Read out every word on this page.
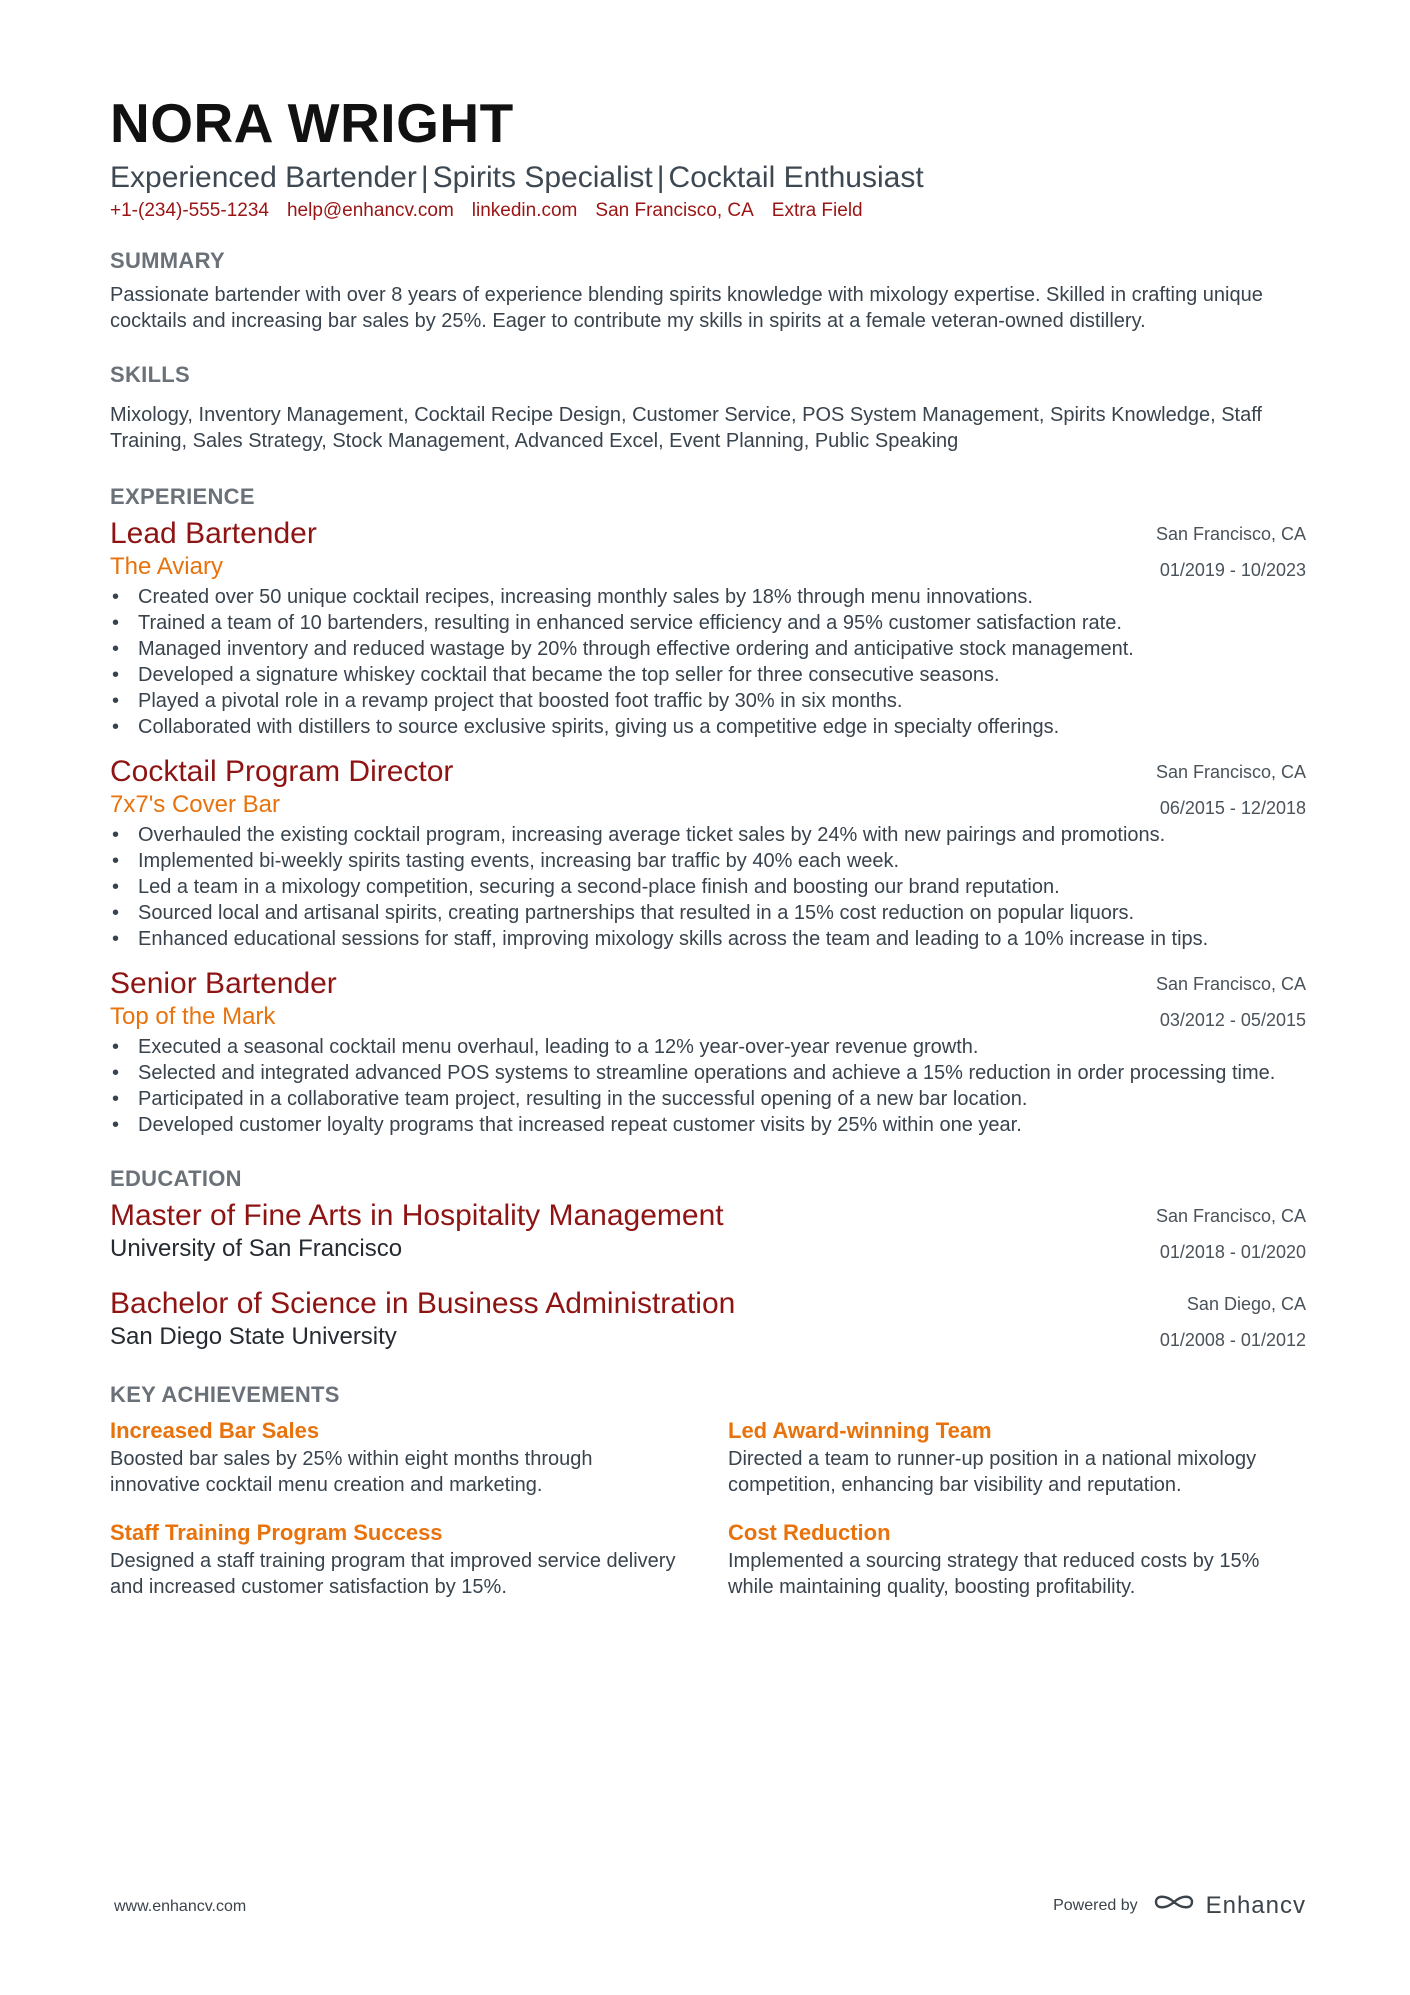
NORA WRIGHT
Experienced Bartender | Spirits Specialist | Cocktail Enthusiast
+1-(234)-555-1234 help@enhancv.com linkedin.com San Francisco, CA Extra Field
SUMMARY
Passionate bartender with over 8 years of experience blending spirits knowledge with mixology expertise. Skilled in crafting unique cocktails and increasing bar sales by 25%. Eager to contribute my skills in spirits at a female veteran-owned distillery.
SKILLS
Mixology, Inventory Management, Cocktail Recipe Design, Customer Service, POS System Management, Spirits Knowledge, Staff Training, Sales Strategy, Stock Management, Advanced Excel, Event Planning, Public Speaking
EXPERIENCE
Lead Bartender
The Aviary
San Francisco, CA
01/2019 - 10/2023
• Created over 50 unique cocktail recipes, increasing monthly sales by 18% through menu innovations.
• Trained a team of 10 bartenders, resulting in enhanced service efficiency and a 95% customer satisfaction rate.
• Managed inventory and reduced wastage by 20% through effective ordering and anticipative stock management.
• Developed a signature whiskey cocktail that became the top seller for three consecutive seasons.
• Played a pivotal role in a revamp project that boosted foot traffic by 30% in six months.
• Collaborated with distillers to source exclusive spirits, giving us a competitive edge in specialty offerings.
Cocktail Program Director
7x7's Cover Bar
San Francisco, CA
06/2015 - 12/2018
• Overhauled the existing cocktail program, increasing average ticket sales by 24% with new pairings and promotions.
• Implemented bi-weekly spirits tasting events, increasing bar traffic by 40% each week.
• Led a team in a mixology competition, securing a second-place finish and boosting our brand reputation.
• Sourced local and artisanal spirits, creating partnerships that resulted in a 15% cost reduction on popular liquors.
• Enhanced educational sessions for staff, improving mixology skills across the team and leading to a 10% increase in tips.
Senior Bartender
Top of the Mark
San Francisco, CA
03/2012 - 05/2015
• Executed a seasonal cocktail menu overhaul, leading to a 12% year-over-year revenue growth.
• Selected and integrated advanced POS systems to streamline operations and achieve a 15% reduction in order processing time.
• Participated in a collaborative team project, resulting in the successful opening of a new bar location.
• Developed customer loyalty programs that increased repeat customer visits by 25% within one year.
EDUCATION
Master of Fine Arts in Hospitality Management
University of San Francisco
San Francisco, CA
01/2018 - 01/2020
Bachelor of Science in Business Administration
San Diego State University
San Diego, CA
01/2008 - 01/2012
KEY ACHIEVEMENTS
Increased Bar Sales
Boosted bar sales by 25% within eight months through innovative cocktail menu creation and marketing.
Led Award-winning Team
Directed a team to runner-up position in a national mixology competition, enhancing bar visibility and reputation.
Staff Training Program Success
Designed a staff training program that improved service delivery and increased customer satisfaction by 15%.
Cost Reduction
Implemented a sourcing strategy that reduced costs by 15% while maintaining quality, boosting profitability.
www.enhancv.com	Powered by	Enhancv
